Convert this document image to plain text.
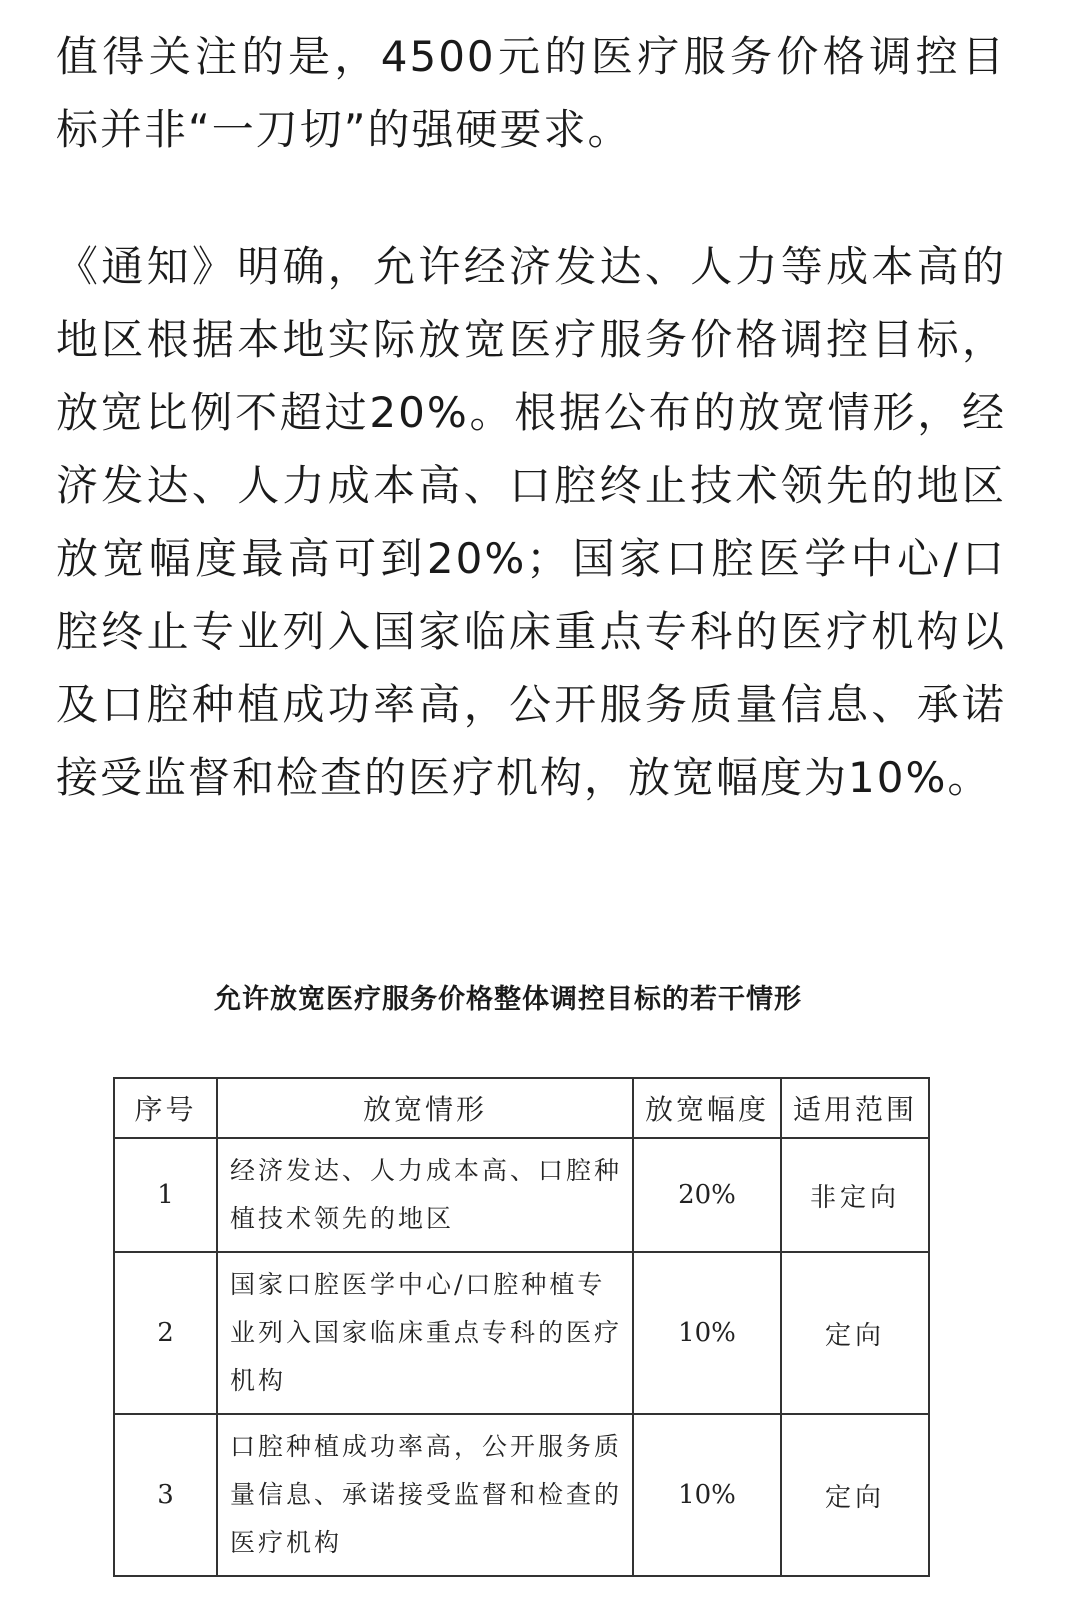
值得关注的是，4500元的医疗服务价格调控目标并非“一刀切”的强硬要求。

《通知》明确，允许经济发达、人力等成本高的地区根据本地实际放宽医疗服务价格调控目标，放宽比例不超过20%。根据公布的放宽情形，经济发达、人力成本高、口腔终止技术领先的地区放宽幅度最高可到20%；国家口腔医学中心/口腔终止专业列入国家临床重点专科的医疗机构以及口腔种植成功率高，公开服务质量信息、承诺接受监督和检查的医疗机构，放宽幅度为10%。

允许放宽医疗服务价格整体调控目标的若干情形
序号	放宽情形	放宽幅度	适用范围
1	经济发达、人力成本高、口腔种植技术领先的地区	20%	非定向
2	国家口腔医学中心/口腔种植专业列入国家临床重点专科的医疗机构	10%	定向
3	口腔种植成功率高，公开服务质量信息、承诺接受监督和检查的医疗机构	10%	定向
